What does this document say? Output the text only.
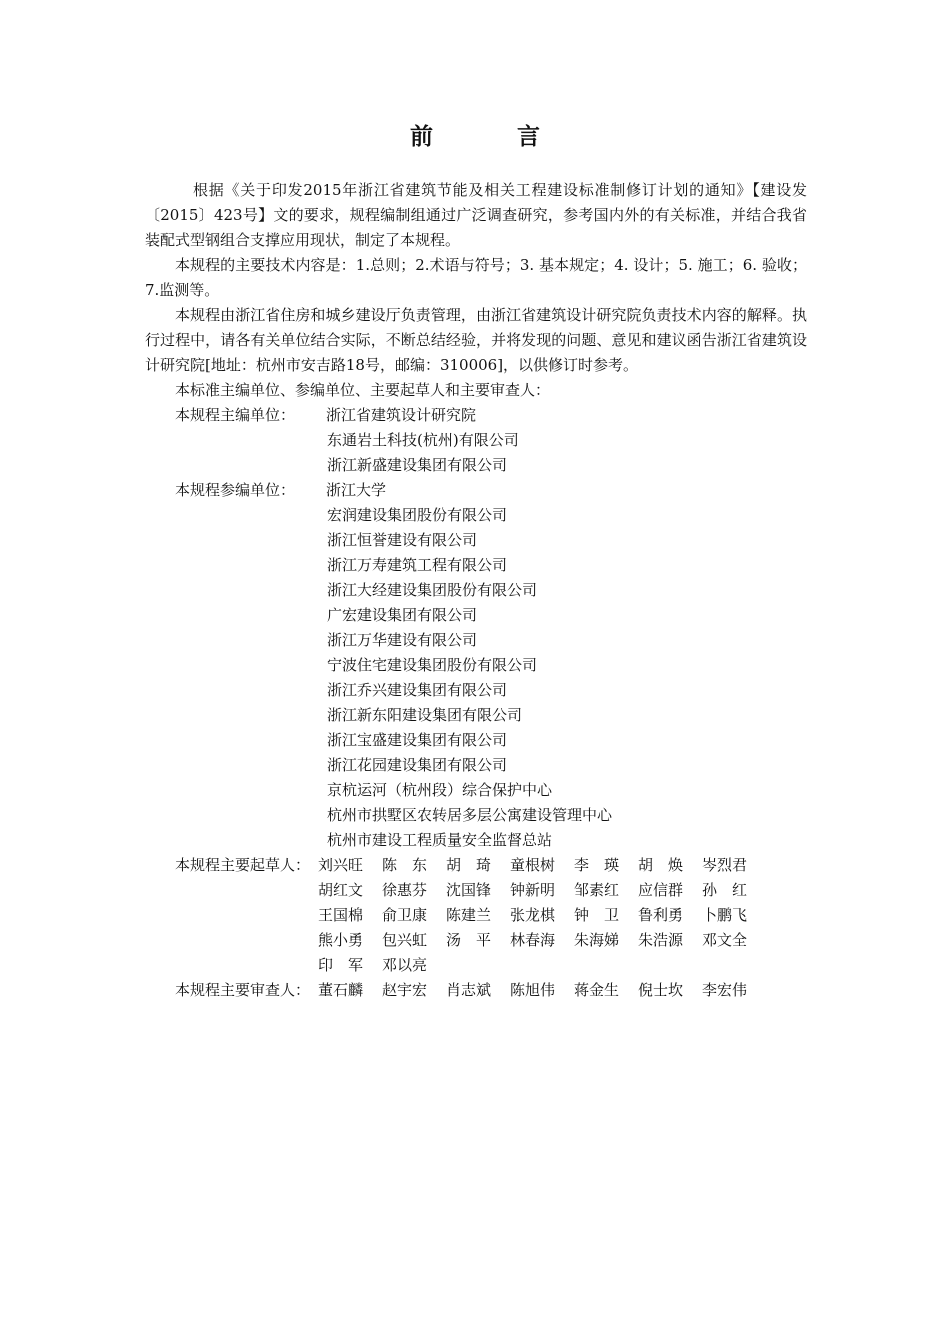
前 言

根据《关于印发2015年浙江省建筑节能及相关工程建设标准制修订计划的通知》【建设发〔2015〕423号】文的要求，规程编制组通过广泛调查研究，参考国内外的有关标准，并结合我省装配式型钢组合支撑应用现状，制定了本规程。

本规程的主要技术内容是：1.总则；2.术语与符号；3. 基本规定；4. 设计；5. 施工；6. 验收；7.监测等。

本规程由浙江省住房和城乡建设厅负责管理，由浙江省建筑设计研究院负责技术内容的解释。执行过程中，请各有关单位结合实际，不断总结经验，并将发现的问题、意见和建议函告浙江省建筑设计研究院[地址：杭州市安吉路18号，邮编：310006]，以供修订时参考。

本标准主编单位、参编单位、主要起草人和主要审查人：

本规程主编单位：	浙江省建筑设计研究院

东通岩土科技(杭州)有限公司

浙江新盛建设集团有限公司

本规程参编单位：	浙江大学

宏润建设集团股份有限公司

浙江恒誉建设有限公司

浙江万寿建筑工程有限公司

浙江大经建设集团股份有限公司

广宏建设集团有限公司

浙江万华建设有限公司

宁波住宅建设集团股份有限公司

浙江乔兴建设集团有限公司

浙江新东阳建设集团有限公司

浙江宝盛建设集团有限公司

浙江花园建设集团有限公司

京杭运河（杭州段）综合保护中心

杭州市拱墅区农转居多层公寓建设管理中心

杭州市建设工程质量安全监督总站

本规程主要起草人： 刘兴旺	陈　东	胡　琦	童根树	李　瑛	胡　焕	岑烈君
胡红文	徐惠芬	沈国锋	钟新明	邹素红	应信群	孙　红
王国棉	俞卫康	陈建兰	张龙棋	钟　卫	鲁利勇	卜鹏飞
熊小勇	包兴虹	汤　平	林春海	朱海娣	朱浩源	邓文全
印　军	邓以亮
本规程主要审查人： 董石麟	赵宇宏	肖志斌	陈旭伟	蒋金生	倪士坎	李宏伟
